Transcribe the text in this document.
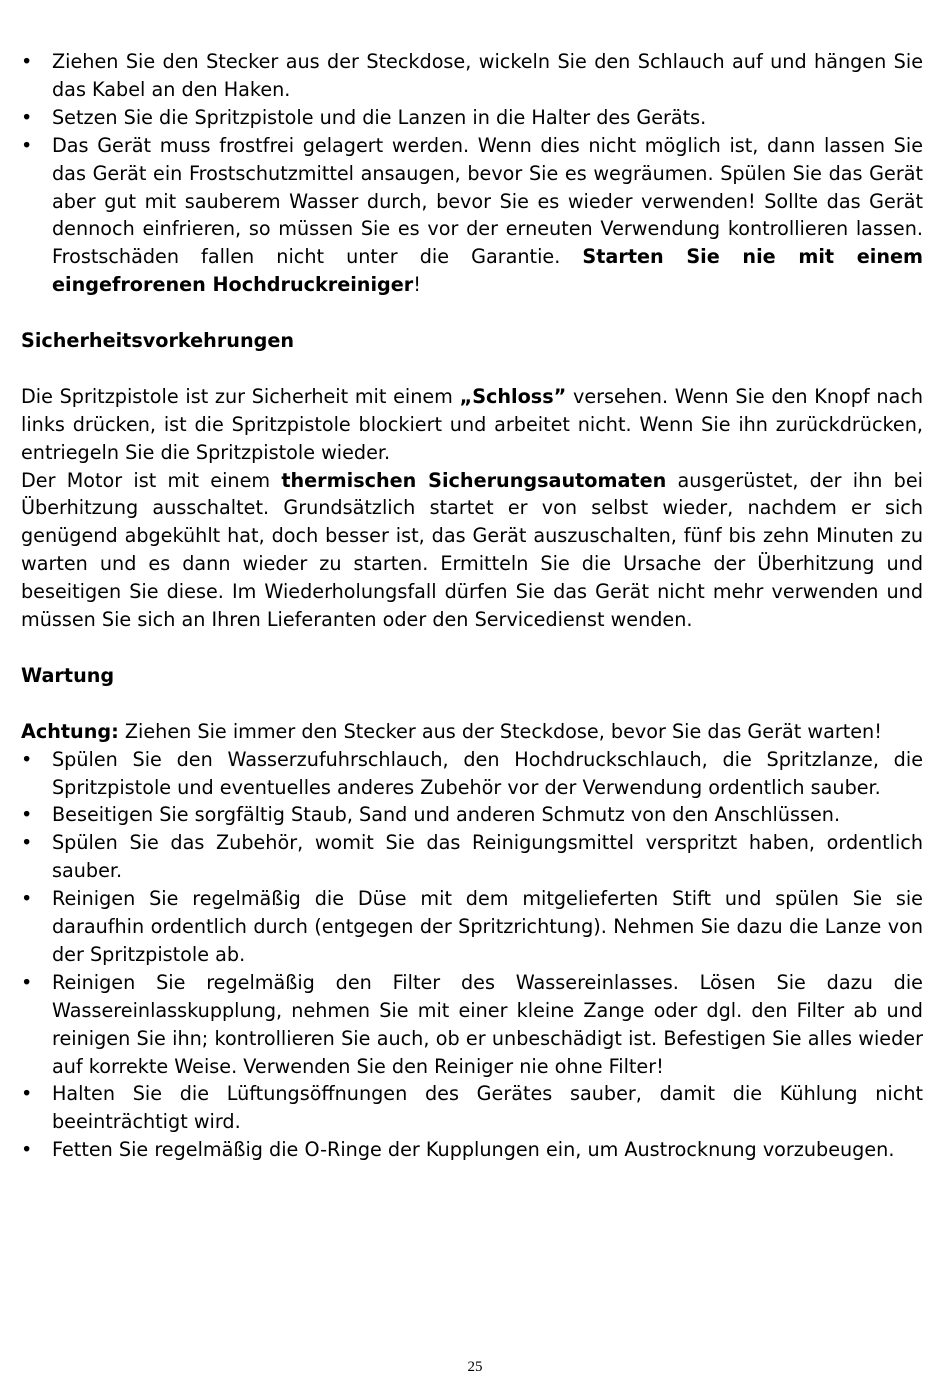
• Ziehen Sie den Stecker aus der Steckdose, wickeln Sie den Schlauch auf und hängen Sie das Kabel an den Haken.
• Setzen Sie die Spritzpistole und die Lanzen in die Halter des Geräts.
• Das Gerät muss frostfrei gelagert werden. Wenn dies nicht möglich ist, dann lassen Sie das Gerät ein Frostschutzmittel ansaugen, bevor Sie es wegräumen. Spülen Sie das Gerät aber gut mit sauberem Wasser durch, bevor Sie es wieder verwenden! Sollte das Gerät dennoch einfrieren, so müssen Sie es vor der erneuten Verwendung kontrollieren lassen. Frostschäden fallen nicht unter die Garantie. Starten Sie nie mit einem eingefrorenen Hochdruckreiniger!

Sicherheitsvorkehrungen

Die Spritzpistole ist zur Sicherheit mit einem „Schloss” versehen. Wenn Sie den Knopf nach links drücken, ist die Spritzpistole blockiert und arbeitet nicht. Wenn Sie ihn zurückdrücken, entriegeln Sie die Spritzpistole wieder.

Der Motor ist mit einem thermischen Sicherungsautomaten ausgerüstet, der ihn bei Überhitzung ausschaltet. Grundsätzlich startet er von selbst wieder, nachdem er sich genügend abgekühlt hat, doch besser ist, das Gerät auszuschalten, fünf bis zehn Minuten zu warten und es dann wieder zu starten. Ermitteln Sie die Ursache der Überhitzung und beseitigen Sie diese. Im Wiederholungsfall dürfen Sie das Gerät nicht mehr verwenden und müssen Sie sich an Ihren Lieferanten oder den Servicedienst wenden.

Wartung

Achtung: Ziehen Sie immer den Stecker aus der Steckdose, bevor Sie das Gerät warten!

• Spülen Sie den Wasserzufuhrschlauch, den Hochdruckschlauch, die Spritzlanze, die Spritzpistole und eventuelles anderes Zubehör vor der Verwendung ordentlich sauber.
• Beseitigen Sie sorgfältig Staub, Sand und anderen Schmutz von den Anschlüssen.
• Spülen Sie das Zubehör, womit Sie das Reinigungsmittel verspritzt haben, ordentlich sauber.
• Reinigen Sie regelmäßig die Düse mit dem mitgelieferten Stift und spülen Sie sie daraufhin ordentlich durch (entgegen der Spritzrichtung). Nehmen Sie dazu die Lanze von der Spritzpistole ab.
• Reinigen Sie regelmäßig den Filter des Wassereinlasses. Lösen Sie dazu die Wassereinlasskupplung, nehmen Sie mit einer kleine Zange oder dgl. den Filter ab und reinigen Sie ihn; kontrollieren Sie auch, ob er unbeschädigt ist. Befestigen Sie alles wieder auf korrekte Weise. Verwenden Sie den Reiniger nie ohne Filter!
• Halten Sie die Lüftungsöffnungen des Gerätes sauber, damit die Kühlung nicht beeinträchtigt wird.
• Fetten Sie regelmäßig die O-Ringe der Kupplungen ein, um Austrocknung vorzubeugen.
25
